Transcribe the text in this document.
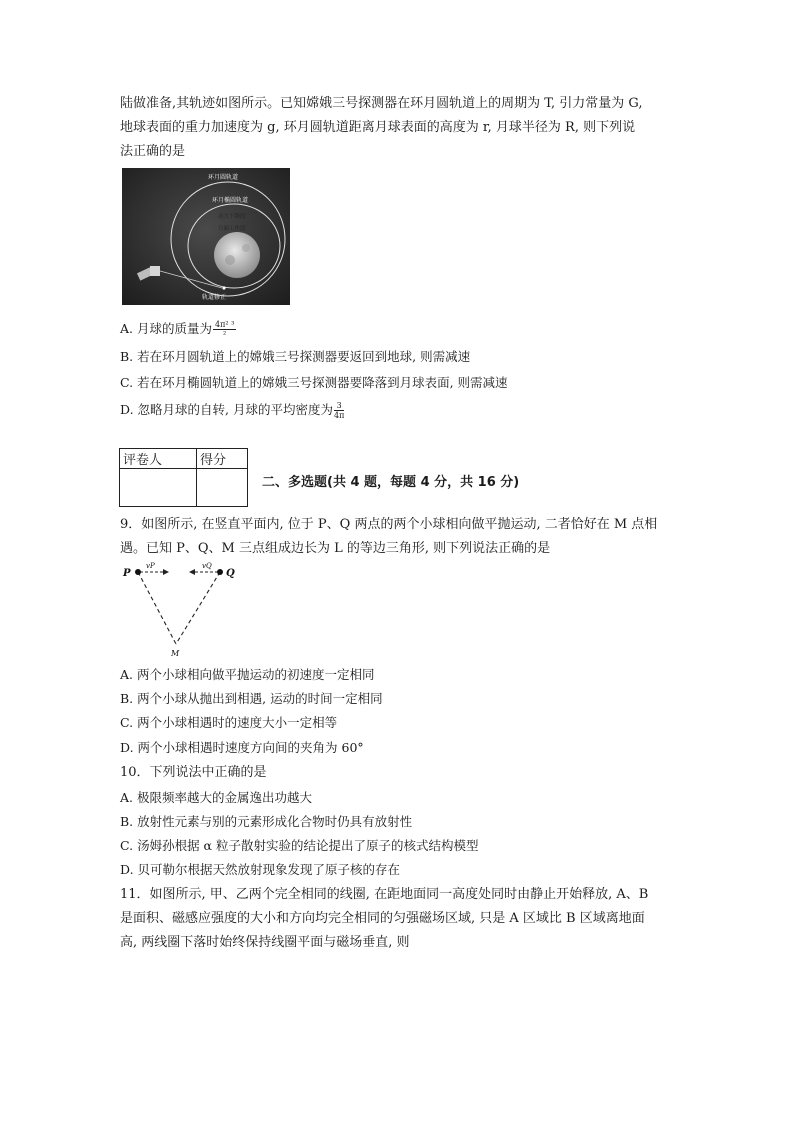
陆做准备,其轨迹如图所示。已知嫦娥三号探测器在环月圆轨道上的周期为 T, 引力常量为 G,
地球表面的重力加速度为 g, 环月圆轨道距离月球表面的高度为 r, 月球半径为 R, 则下列说
法正确的是
环月圆轨道
环月椭圆轨道
动力下降段
月面工作段
轨道修正
A. 月球的质量为 $\frac{\text{4π² ³}}{\text{²}}$
B. 若在环月圆轨道上的嫦娥三号探测器要返回到地球, 则需减速
C. 若在环月椭圆轨道上的嫦娥三号探测器要降落到月球表面, 则需减速
D. 忽略月球的自转, 月球的平均密度为 $\frac{3}{4\pi}$
评卷人	得分

二、多选题(共 4 题，每题 4 分，共 16 分)
9．如图所示, 在竖直平面内, 位于 P、Q 两点的两个小球相向做平抛运动, 二者恰好在 M 点相
遇。已知 P、Q、M 三点组成边长为 L 的等边三角形, 则下列说法正确的是
P	Q
vP	vQ
M
A. 两个小球相向做平抛运动的初速度一定相同
B. 两个小球从抛出到相遇, 运动的时间一定相同
C. 两个小球相遇时的速度大小一定相等
D. 两个小球相遇时速度方向间的夹角为 60°
10．下列说法中正确的是
A. 极限频率越大的金属逸出功越大
B. 放射性元素与别的元素形成化合物时仍具有放射性
C. 汤姆孙根据 α 粒子散射实验的结论提出了原子的核式结构模型
D. 贝可勒尔根据天然放射现象发现了原子核的存在
11．如图所示, 甲、乙两个完全相同的线圈, 在距地面同一高度处同时由静止开始释放, A、B
是面积、磁感应强度的大小和方向均完全相同的匀强磁场区域, 只是 A 区域比 B 区域离地面
高, 两线圈下落时始终保持线圈平面与磁场垂直, 则
